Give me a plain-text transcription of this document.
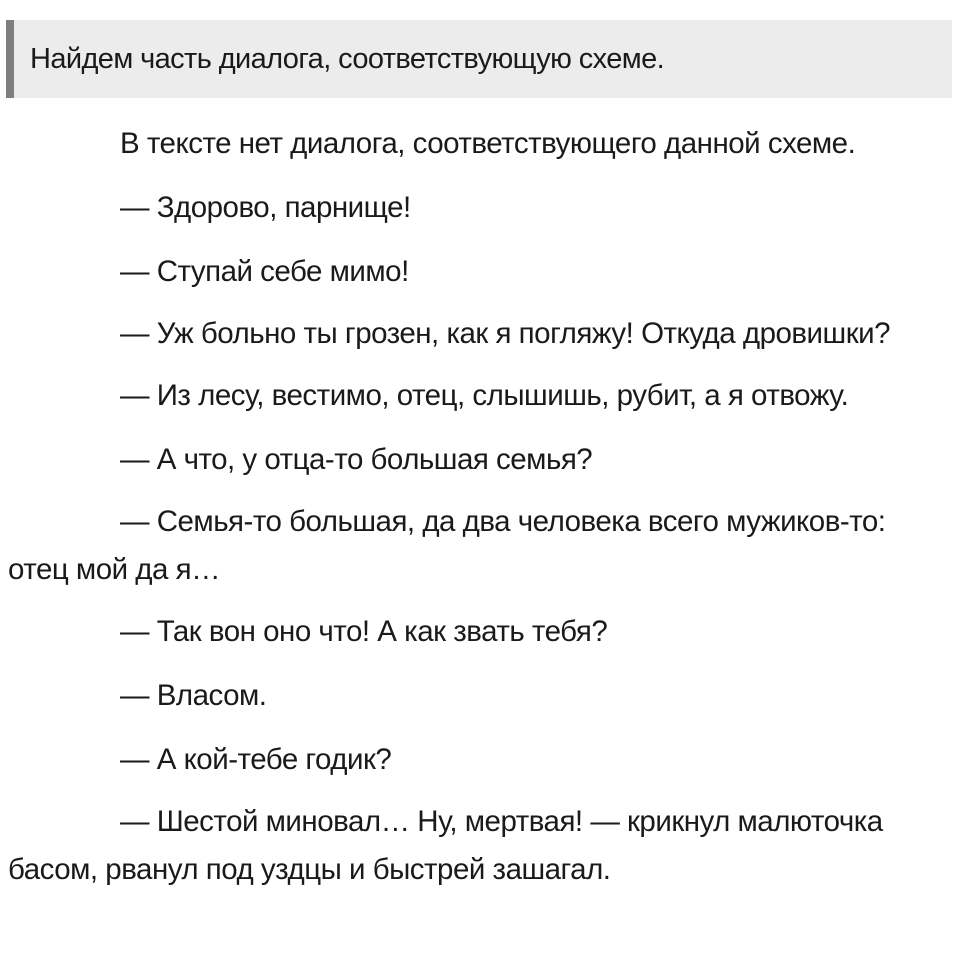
Найдем часть диалога, соответствующую схеме.

В тексте нет диалога, соответствующего данной схеме.

— Здорово, парнище!

— Ступай себе мимо!

— Уж больно ты грозен, как я погляжу! Откуда дровишки?

— Из лесу, вестимо, отец, слышишь, рубит, а я отвожу.

— А что, у отца-то большая семья?

— Семья-то большая, да два человека всего мужиков-то: отец мой да я…

— Так вон оно что! А как звать тебя?

— Власом.

— А кой-тебе годик?

— Шестой миновал… Ну, мертвая! — крикнул малюточка басом, рванул под уздцы и быстрей зашагал.
